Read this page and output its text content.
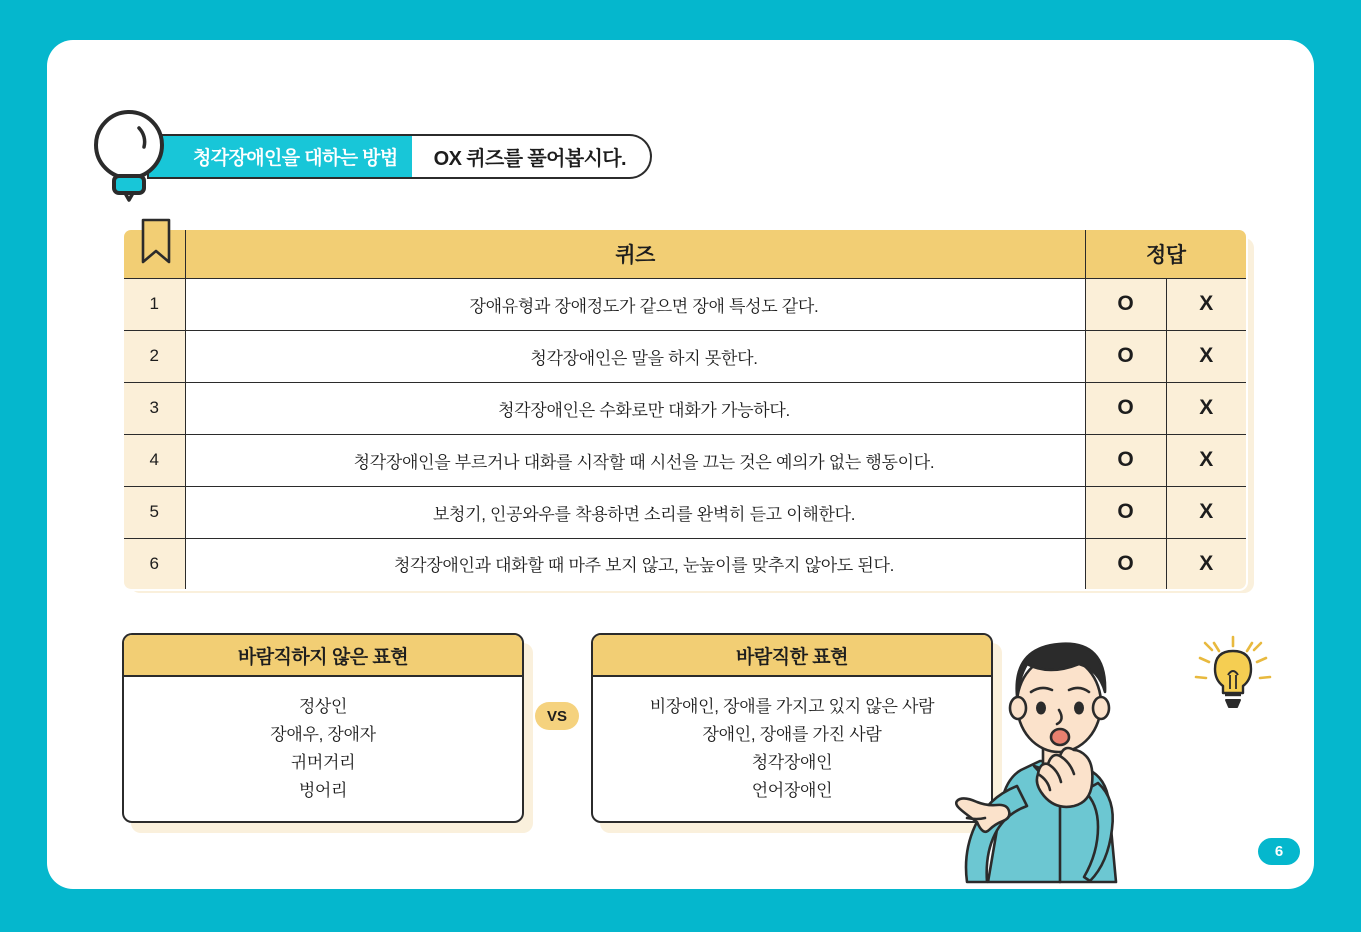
청각장애인을 대하는 방법 OX 퀴즈를 풀어봅시다.
	퀴즈	정답	
1	장애유형과 장애정도가 같으면 장애 특성도 같다.	O	X
2	청각장애인은 말을 하지 못한다.	O	X
3	청각장애인은 수화로만 대화가 가능하다.	O	X
4	청각장애인을 부르거나 대화를 시작할 때 시선을 끄는 것은 예의가 없는 행동이다.	O	X
5	보청기, 인공와우를 착용하면 소리를 완벽히 듣고 이해한다.	O	X
6	청각장애인과 대화할 때 마주 보지 않고, 눈높이를 맞추지 않아도 된다.	O	X
바람직하지 않은 표현
정상인
장애우, 장애자
귀머거리
벙어리
바람직한 표현
비장애인, 장애를 가지고 있지 않은 사람
장애인, 장애를 가진 사람
청각장애인
언어장애인
VS
6
